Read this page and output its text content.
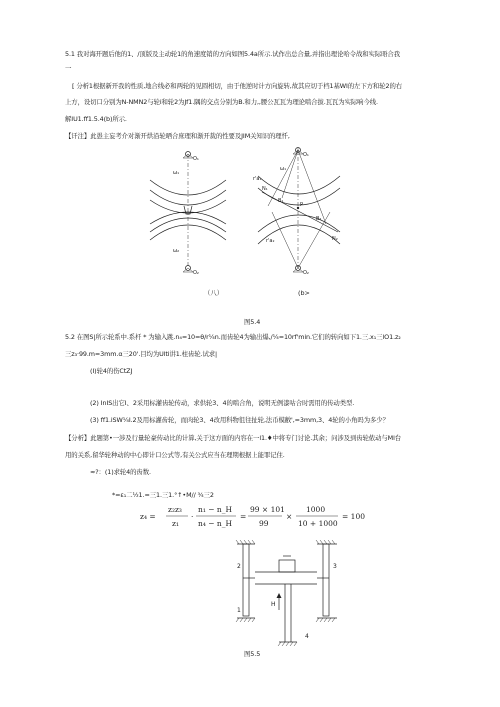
5.1 我对海开题后他的1、/顶版及主动轮1的角速度销的方向如图5.4a所示.试作出总合量,并指出理论哈令战和实际晤合我
一
[ 分析1根据新开我的性质,地合线必和两轮的见圆相切，由于他逆时计方向旋转,故其应切于档1基WI的左下方和轮2的右
上方，设切口分别为N-NMN2与轮i和轮2为Jf1.隅的交点分别为B.和力,,腰公瓦瓦为理论啮合拔.瓦瓦为实际响今线.
解IU1.ff1.5.4(b)所示.
【讦注】此愚主妄考介对渐开烘沿轮晒合庶理和渐开裁的性要及JIM关知识的理忏,
O₁
O₂
ω₁
ω₂
O₁
O₂
ω₁
P
N₁
N₂
B₁
B₂
r'a₁
r'a₂
（八）	(b>
图5.4
5.2 在图S|所示轮系中.系杆 * 为输入跳.n₄=10=θ/r¼n.而齿轮4为输出爆,/¼=10rf'min.它们的转向如下1.三.x₁三lO1.z₂
三z₃·99.m=3mm.α三20'.目均为Ulti讲1.柱齿轮.试求|
(I)轮4的伤CtZJ
(2) InIS出它I、2采用标灌齿轮传动，求供轮3、4的啮合角，说明无例漆咕合时需用的传动类型.
(3) ff1.iSW¼I.2及用标灌齿轮，而肉轮3、4改用科物徂往扯轮,法币模敝',=3mm,3、4轮的小角吗为多少？
【分析】此题第•一涉及行量轮豪传动比的计算,关于这方面的内容在一l1.♦中将专门讨论.其余；问涉及到齿轮侬动与Ml台
用的关系,留华轮种动的中心即计口公式等,有关公式应当在理期根据上能罪记住.
≈?：(1)求轮4的齿数.
*=ɛ₁二½1.=三1.三1.°↑•M// ¾三2
z₄ =
z₂z₃
z₁
·
n₁ − n_H
n₄ − n_H
=
99 × 101
99
×
1000
10 + 1000
= 100
2
1
3
4
H
图5.5
